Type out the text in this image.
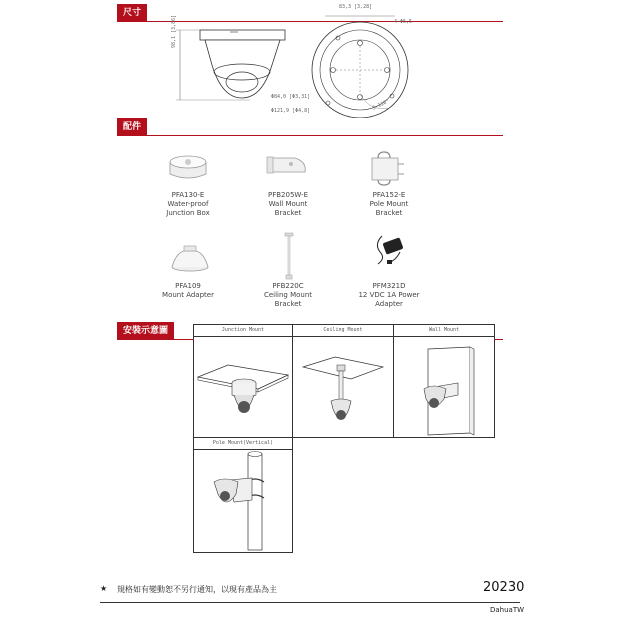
尺寸
98,1 [3,86]
83,3 [3,28]
4-Φ5,5
Φ84,0 [Φ3,31]
Φ121,9 [Φ4,8]	3-120°
配件
PFA130-E
Water-proof
Junction Box
PFB205W-E
Wall Mount
Bracket
PFA152-E
Pole Mount
Bracket
PFA109
Mount Adapter
PFB220C
Ceiling Mount
Bracket
PFM321D
12 VDC 1A Power
Adapter
安裝示意圖	Junction Mount	Ceiling Mount	Wall Mount
Pole Mount(Vertical)
★ 規格如有變動恕不另行通知，以現有產品為主	20230
DahuaTW
